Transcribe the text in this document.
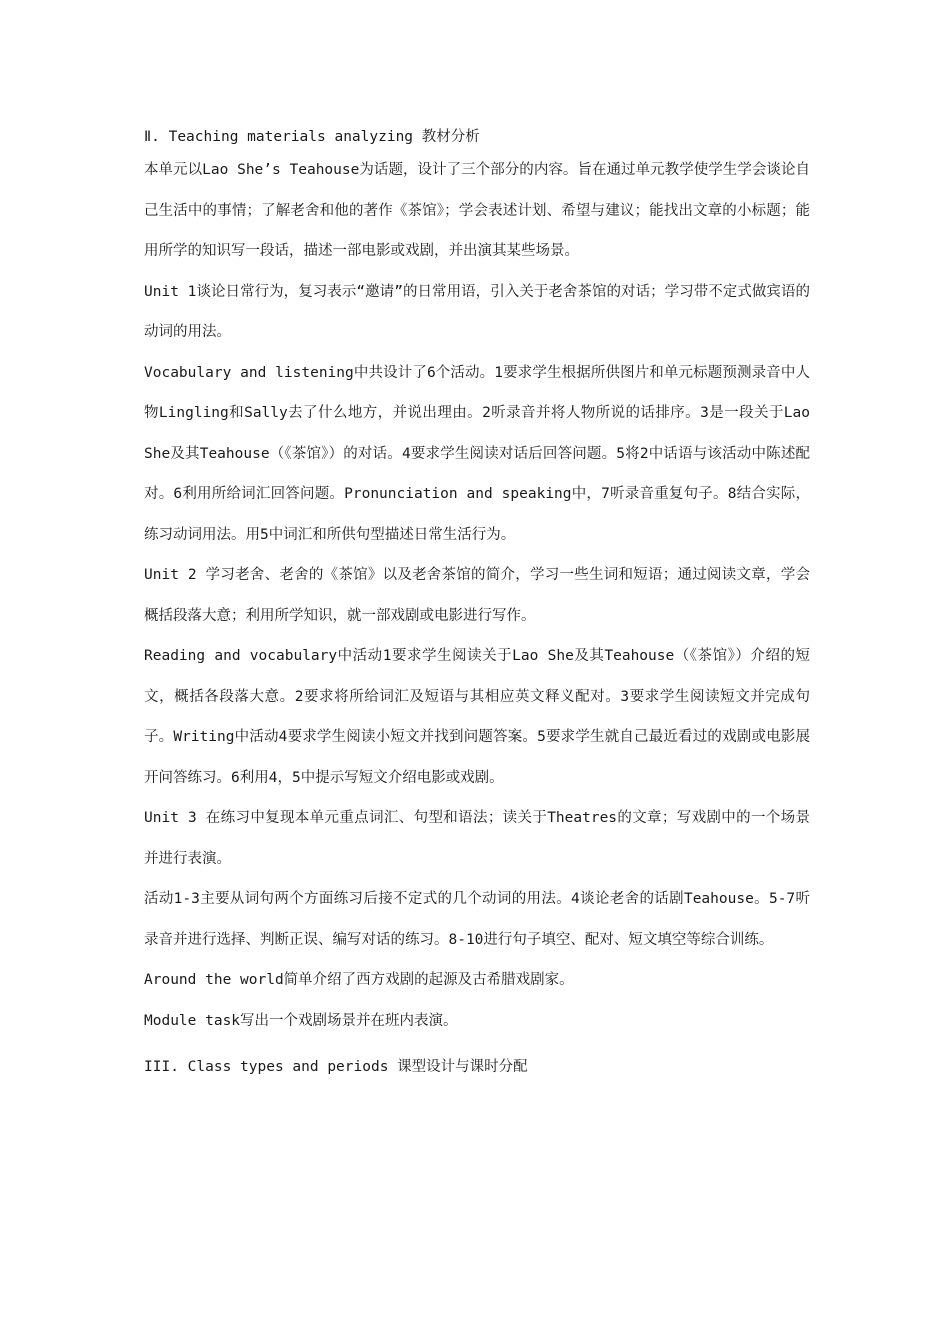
Ⅱ. Teaching materials analyzing 教材分析

本单元以Lao She’s Teahouse为话题，设计了三个部分的内容。旨在通过单元教学使学生学会谈论自己生活中的事情；了解老舍和他的著作《茶馆》；学会表述计划、希望与建议；能找出文章的小标题；能用所学的知识写一段话，描述一部电影或戏剧，并出演其某些场景。

Unit 1谈论日常行为，复习表示“邀请”的日常用语，引入关于老舍茶馆的对话；学习带不定式做宾语的动词的用法。

Vocabulary and listening中共设计了6个活动。1要求学生根据所供图片和单元标题预测录音中人物Lingling和Sally去了什么地方，并说出理由。2听录音并将人物所说的话排序。3是一段关于Lao She及其Teahouse（《茶馆》）的对话。4要求学生阅读对话后回答问题。5将2中话语与该活动中陈述配对。6利用所给词汇回答问题。Pronunciation and speaking中，7听录音重复句子。8结合实际，练习动词用法。用5中词汇和所供句型描述日常生活行为。

Unit 2 学习老舍、老舍的《茶馆》以及老舍茶馆的简介，学习一些生词和短语；通过阅读文章，学会概括段落大意；利用所学知识，就一部戏剧或电影进行写作。

Reading and vocabulary中活动1要求学生阅读关于Lao She及其Teahouse（《茶馆》）介绍的短文，概括各段落大意。2要求将所给词汇及短语与其相应英文释义配对。3要求学生阅读短文并完成句子。Writing中活动4要求学生阅读小短文并找到问题答案。5要求学生就自己最近看过的戏剧或电影展开问答练习。6利用4，5中提示写短文介绍电影或戏剧。

Unit 3 在练习中复现本单元重点词汇、句型和语法；读关于Theatres的文章；写戏剧中的一个场景并进行表演。

活动1-3主要从词句两个方面练习后接不定式的几个动词的用法。4谈论老舍的话剧Teahouse。5-7听录音并进行选择、判断正误、编写对话的练习。8-10进行句子填空、配对、短文填空等综合训练。

Around the world简单介绍了西方戏剧的起源及古希腊戏剧家。

Module task写出一个戏剧场景并在班内表演。

III. Class types and periods 课型设计与课时分配
